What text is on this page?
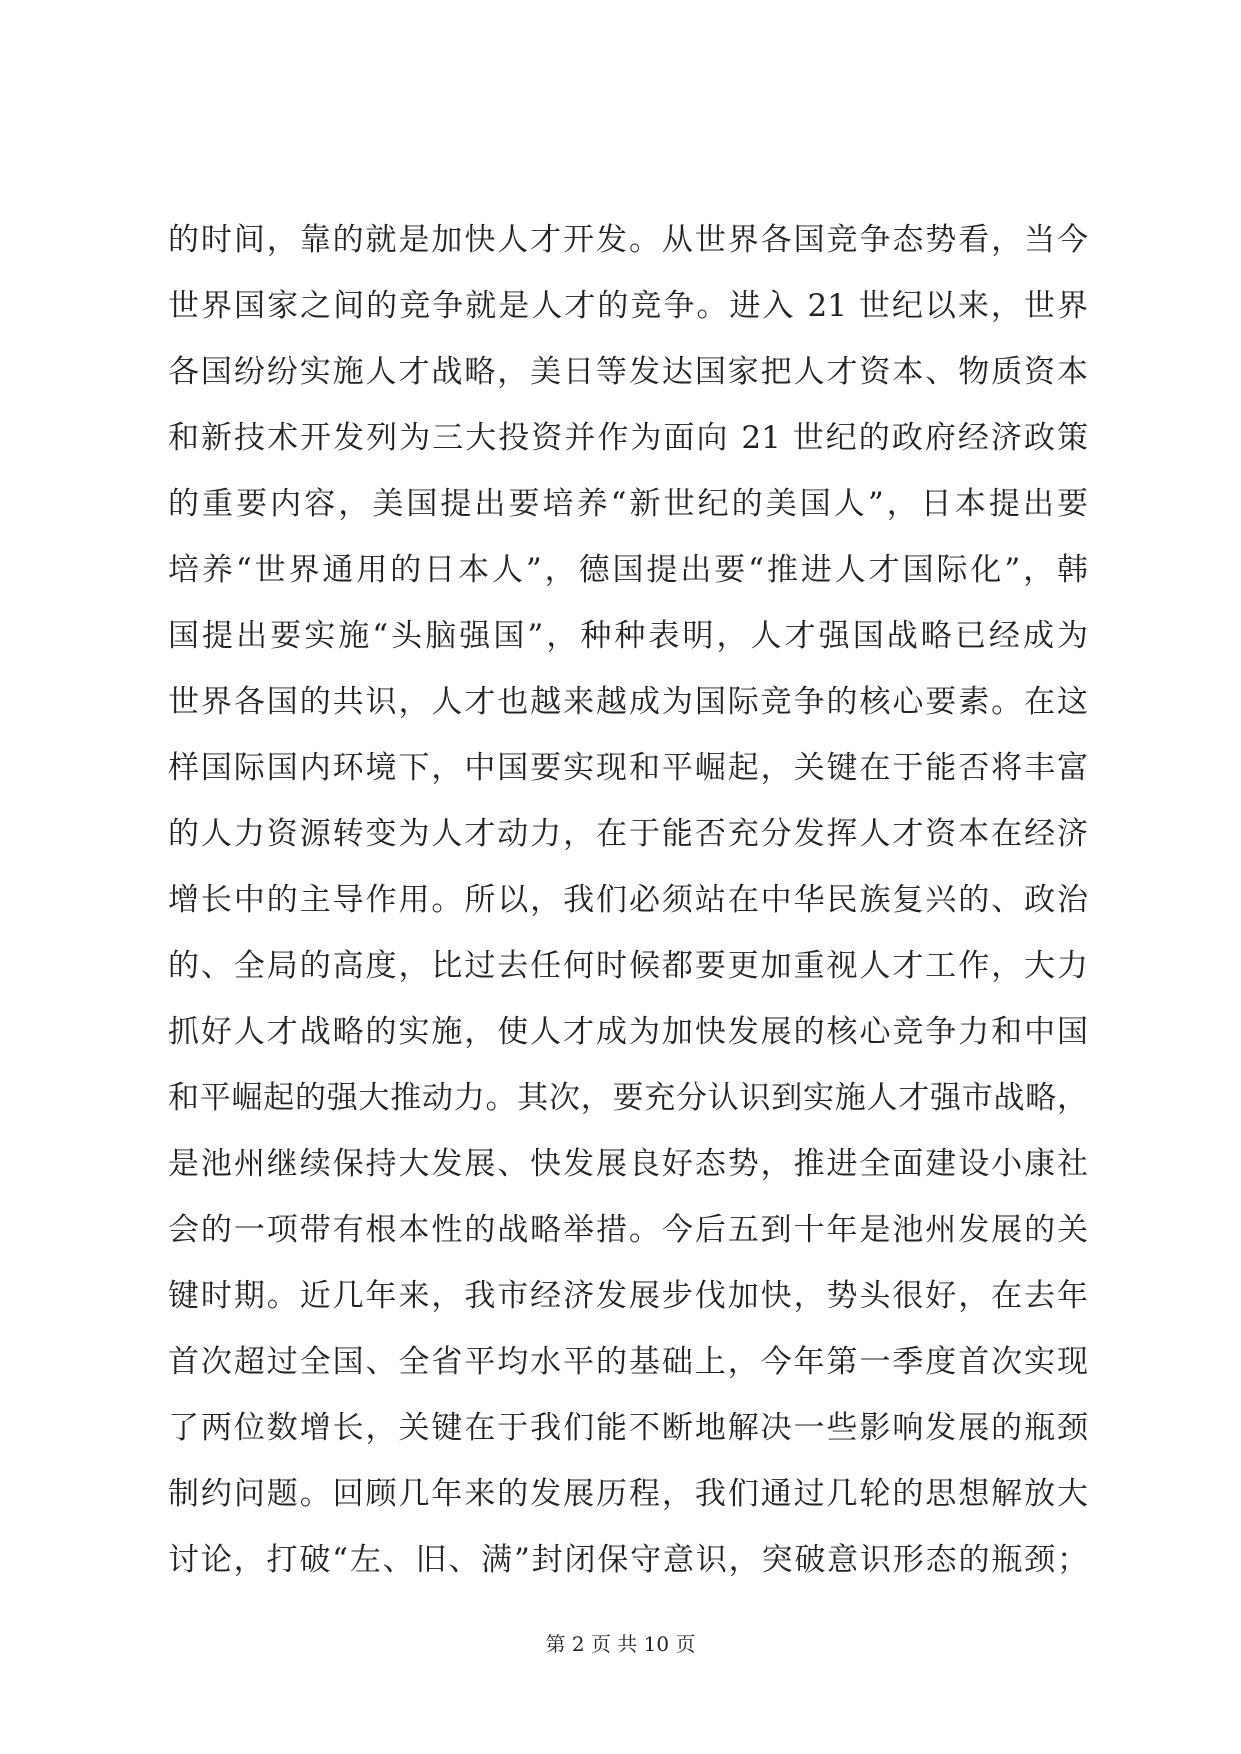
的时间，靠的就是加快人才开发。从世界各国竞争态势看，当今
世界国家之间的竞争就是人才的竞争。进入 21 世纪以来，世界
各国纷纷实施人才战略，美日等发达国家把人才资本、物质资本
和新技术开发列为三大投资并作为面向 21 世纪的政府经济政策
的重要内容，美国提出要培养“新世纪的美国人”，日本提出要
培养“世界通用的日本人”，德国提出要“推进人才国际化”，韩
国提出要实施“头脑强国”，种种表明，人才强国战略已经成为
世界各国的共识，人才也越来越成为国际竞争的核心要素。在这
样国际国内环境下，中国要实现和平崛起，关键在于能否将丰富
的人力资源转变为人才动力，在于能否充分发挥人才资本在经济
增长中的主导作用。所以，我们必须站在中华民族复兴的、政治
的、全局的高度，比过去任何时候都要更加重视人才工作，大力
抓好人才战略的实施，使人才成为加快发展的核心竞争力和中国
和平崛起的强大推动力。其次，要充分认识到实施人才强市战略，
是池州继续保持大发展、快发展良好态势，推进全面建设小康社
会的一项带有根本性的战略举措。今后五到十年是池州发展的关
键时期。近几年来，我市经济发展步伐加快，势头很好，在去年
首次超过全国、全省平均水平的基础上，今年第一季度首次实现
了两位数增长，关键在于我们能不断地解决一些影响发展的瓶颈
制约问题。回顾几年来的发展历程，我们通过几轮的思想解放大
讨论，打破“左、旧、满”封闭保守意识，突破意识形态的瓶颈；
第 2 页 共 10 页
